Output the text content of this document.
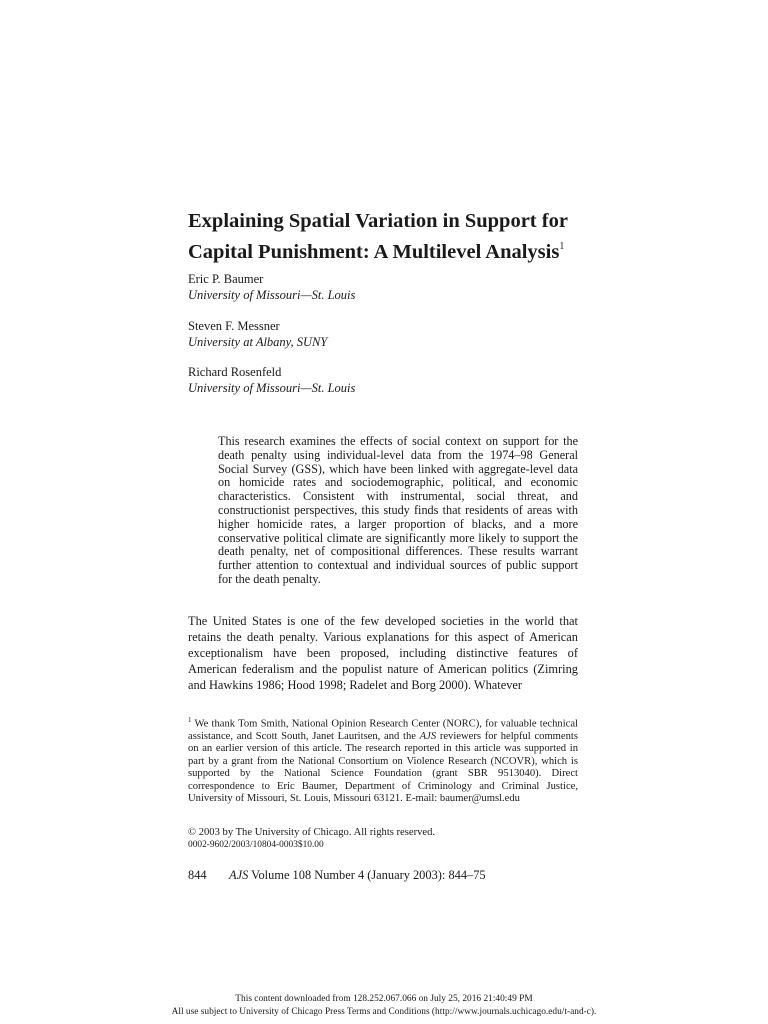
Explaining Spatial Variation in Support for
Capital Punishment: A Multilevel Analysis$^1$
Eric P. Baumer
University of Missouri—St. Louis
Steven F. Messner
University at Albany, SUNY
Richard Rosenfeld
University of Missouri—St. Louis

This research examines the effects of social context on support for the death penalty using individual-level data from the 1974–98 General Social Survey (GSS), which have been linked with aggregate-level data on homicide rates and sociodemographic, political, and economic characteristics. Consistent with instrumental, social threat, and constructionist perspectives, this study finds that residents of areas with higher homicide rates, a larger proportion of blacks, and a more conservative political climate are significantly more likely to support the death penalty, net of compositional differences. These results warrant further attention to contextual and individual sources of public support for the death penalty.

The United States is one of the few developed societies in the world that retains the death penalty. Various explanations for this aspect of American exceptionalism have been proposed, including distinctive features of American federalism and the populist nature of American politics (Zimring and Hawkins 1986; Hood 1998; Radelet and Borg 2000). Whatever

$^1$ We thank Tom Smith, National Opinion Research Center (NORC), for valuable technical assistance, and Scott South, Janet Lauritsen, and the AJS reviewers for helpful comments on an earlier version of this article. The research reported in this article was supported in part by a grant from the National Consortium on Violence Research (NCOVR), which is supported by the National Science Foundation (grant SBR 9513040). Direct correspondence to Eric Baumer, Department of Criminology and Criminal Justice, University of Missouri, St. Louis, Missouri 63121. E-mail: baumer@umsl.edu

© 2003 by The University of Chicago. All rights reserved.
0002-9602/2003/10804-0003$10.00
844 AJS Volume 108 Number 4 (January 2003): 844–75
This content downloaded from 128.252.067.066 on July 25, 2016 21:40:49 PM
All use subject to University of Chicago Press Terms and Conditions (http://www.journals.uchicago.edu/t-and-c).
